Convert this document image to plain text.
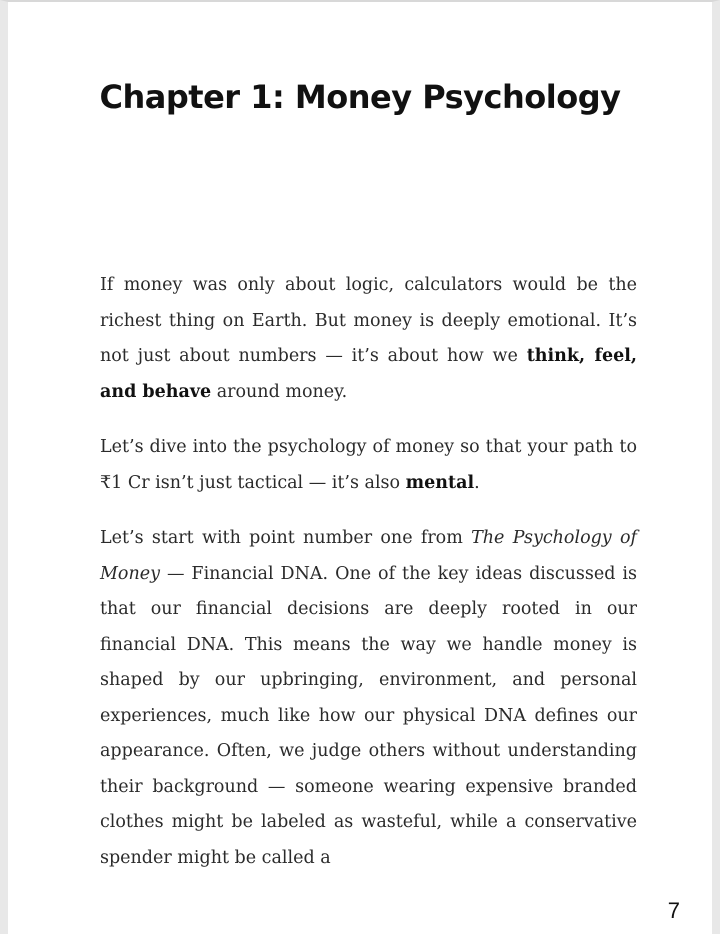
Chapter 1: Money Psychology

If money was only about logic, calculators would be the richest thing on Earth. But money is deeply emotional. It’s not just about numbers — it’s about how we think, feel, and behave around money.

Let’s dive into the psychology of money so that your path to ₹1 Cr isn’t just tactical — it’s also mental.

Let’s start with point number one from The Psychology of Money — Financial DNA. One of the key ideas discussed is that our financial decisions are deeply rooted in our financial DNA. This means the way we handle money is shaped by our upbringing, environment, and personal experiences, much like how our physical DNA defines our appearance. Often, we judge others without understanding their background — someone wearing expensive branded clothes might be labeled as wasteful, while a conservative spender might be called a

7
